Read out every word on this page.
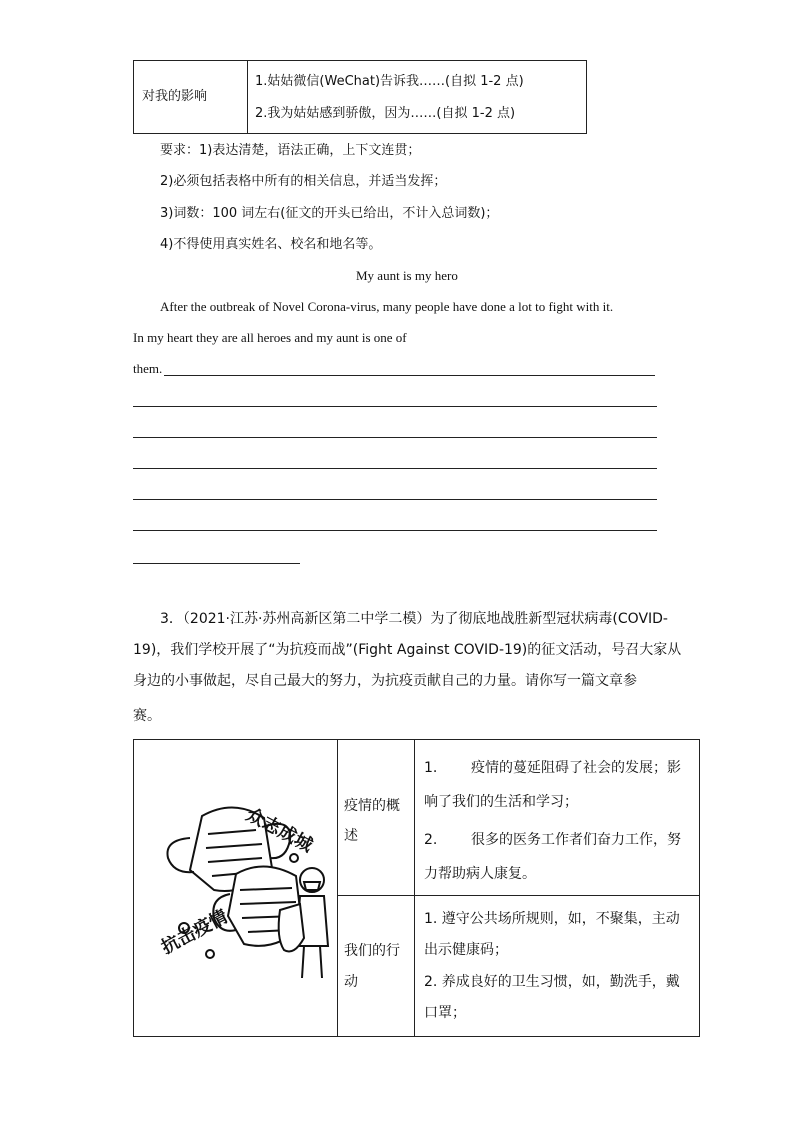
对我的影响
1.姑姑微信(WeChat)告诉我……(自拟 1-2 点)
2.我为姑姑感到骄傲，因为……(自拟 1-2 点)
要求：1)表达清楚，语法正确，上下文连贯；
2)必须包括表格中所有的相关信息，并适当发挥；
3)词数：100 词左右(征文的开头已给出，不计入总词数)；
4)不得使用真实姓名、校名和地名等。
My aunt is my hero
After the outbreak of Novel Corona-virus, many people have done a lot to fight with it.
In my heart they are all heroes and my aunt is one of
them.
3．（2021·江苏·苏州高新区第二中学二模）为了彻底地战胜新型冠状病毒(COVID-
19)，我们学校开展了“为抗疫而战”(Fight Against COVID-19)的征文活动，号召大家从
身边的小事做起，尽自己最大的努力，为抗疫贡献自己的力量。请你写一篇文章参
赛。
众志成城
抗击疫情
疫情的概
述
1. 疫情的蔓延阻碍了社会的发展；影
响了我们的生活和学习；
2. 很多的医务工作者们奋力工作，努
力帮助病人康复。
我们的行
动
1. 遵守公共场所规则，如，不聚集，主动
出示健康码；
2. 养成良好的卫生习惯，如，勤洗手，戴
口罩；
